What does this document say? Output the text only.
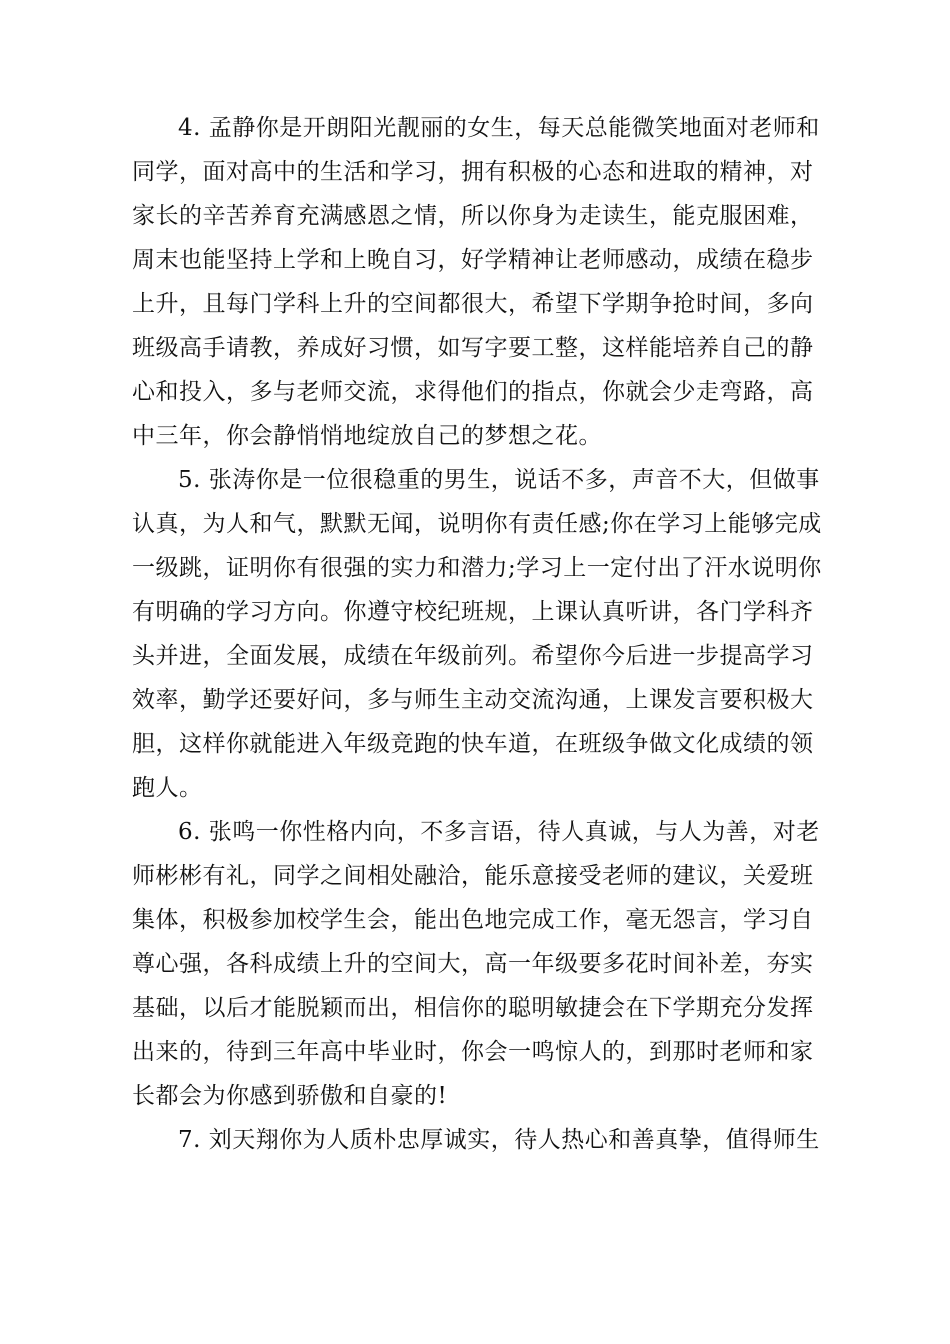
4. 孟静你是开朗阳光靓丽的女生，每天总能微笑地面对老师和
同学，面对高中的生活和学习，拥有积极的心态和进取的精神，对
家长的辛苦养育充满感恩之情，所以你身为走读生，能克服困难，
周末也能坚持上学和上晚自习，好学精神让老师感动，成绩在稳步
上升，且每门学科上升的空间都很大，希望下学期争抢时间，多向
班级高手请教，养成好习惯，如写字要工整，这样能培养自己的静
心和投入，多与老师交流，求得他们的指点，你就会少走弯路，高
中三年，你会静悄悄地绽放自己的梦想之花。
5. 张涛你是一位很稳重的男生，说话不多，声音不大，但做事
认真，为人和气，默默无闻，说明你有责任感;你在学习上能够完成
一级跳，证明你有很强的实力和潜力;学习上一定付出了汗水说明你
有明确的学习方向。你遵守校纪班规，上课认真听讲，各门学科齐
头并进，全面发展，成绩在年级前列。希望你今后进一步提高学习
效率，勤学还要好问，多与师生主动交流沟通，上课发言要积极大
胆，这样你就能进入年级竞跑的快车道，在班级争做文化成绩的领
跑人。
6. 张鸣一你性格内向，不多言语，待人真诚，与人为善，对老
师彬彬有礼，同学之间相处融洽，能乐意接受老师的建议，关爱班
集体，积极参加校学生会，能出色地完成工作，毫无怨言，学习自
尊心强，各科成绩上升的空间大，高一年级要多花时间补差，夯实
基础，以后才能脱颖而出，相信你的聪明敏捷会在下学期充分发挥
出来的，待到三年高中毕业时，你会一鸣惊人的，到那时老师和家
长都会为你感到骄傲和自豪的!
7. 刘天翔你为人质朴忠厚诚实，待人热心和善真挚，值得师生
